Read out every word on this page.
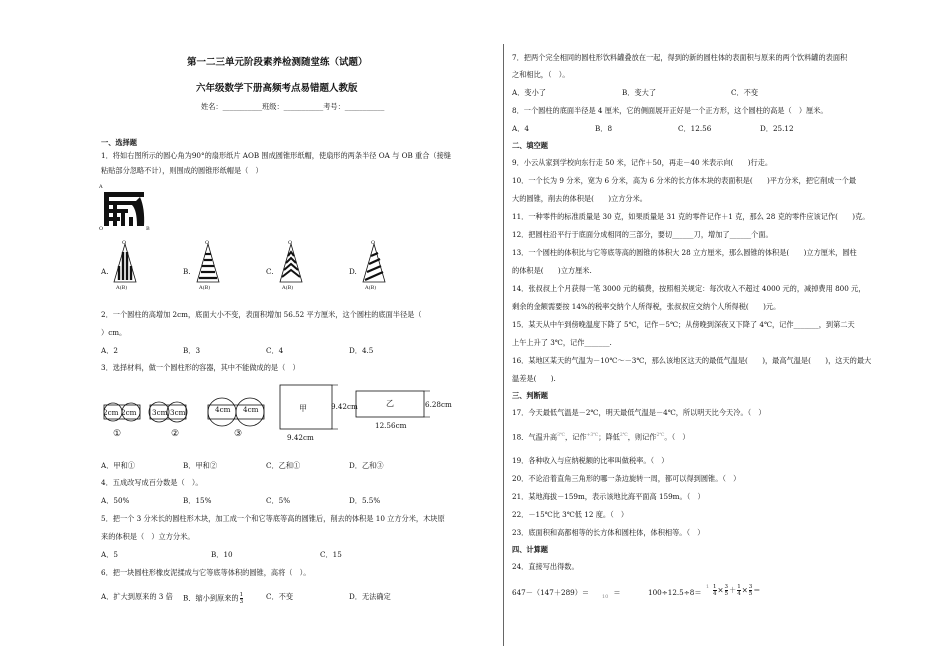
第一二三单元阶段素养检测随堂练（试题）
六年级数学下册高频考点易错题人教版
姓名：___________班级：___________考号：___________
一、选择题
1．将如右图所示的圆心角为90°的扇形纸片 AOB 围成圆锥形纸帽，使扇形的两条半径 OA 与 OB 重合（接缝
粘贴部分忽略不计），则围成的圆锥形纸帽是（　）
A
O	B
A.	B.	C.	D.
O
A(B)
O
A(B)
O
A(B)
O
A(B)
2．一个圆柱的高增加 2cm，底面大小不变，表面积增加 56.52 平方厘米，这个圆柱的底面半径是（
）cm。
A．2	B．3	C．4	D．4.5
3．选择材料，做一个圆柱形的容器，其中不能做成的是（　）
2cm 2cm 3cm 3cm	4cm 4cm
①	②	③
甲	9.42cm
9.42cm
乙	6.28cm
12.56cm
A．甲和①	B．甲和②	C．乙和①	D．乙和③
4．五成改写成百分数是（　）。
A．50%	B．15%	C．5%	D．5.5%
5．把一个 3 分米长的圆柱形木块，加工成一个和它等底等高的圆锥后，削去的体积是 10 立方分米，木块原
来的体积是（　）立方分米。
A．5	B．10	C．15
6．把一块圆柱形橡皮泥揉成与它等底等体积的圆锥，高将（　）。
A．扩大到原来的 3 倍 B．缩小到原来的 $\frac{1}{3}$	C．不变	D．无法确定
7．把两个完全相同的圆柱形饮料罐叠放在一起，得到的新的圆柱体的表面积与原来的两个饮料罐的表面积
之和相比，（　）。
A．变小了	B．变大了	C．不变
8．一个圆柱的底面半径是 4 厘米，它的侧面展开正好是一个正方形，这个圆柱的高是（　）厘米。
A．4	B．8	C．12.56	D．25.12
二、填空题
9．小云从家到学校向东行走 50 米，记作＋50，再走－40 米表示向(　　)行走。
10．一个长为 9 分米，宽为 6 分米，高为 6 分米的长方体木块的表面积是(　　)平方分米，把它削成一个最
大的圆锥，削去的体积是(　　)立方分米。
11．一种零件的标准质量是 30 克，如果质量是 31 克的零件记作＋1 克，那么 28 克的零件应该记作(　　)克。
12．把圆柱沿平行于底面分成相同的三部分，要切______刀，增加了______个面。
13．一个圆柱的体积比与它等底等高的圆锥的体积大 28 立方厘米，那么圆锥的体积是(　　)立方厘米，圆柱
的体积是(　　)立方厘米.
14．张叔叔上个月获得一笔 3000 元的稿费，按照相关规定：每次收入不超过 4000 元的，减掉费用 800 元，
剩余的金额需要按 14%的税率交纳个人所得税，张叔叔应交纳个人所得税(　　)元。
15．某天从中午到傍晚温度下降了 5℃，记作－5℃；从傍晚到深夜又下降了 4℃，记作_______，到第二天
上午上升了 3℃，记作_______.
16．某地区某天的气温为－10℃～－3℃，那么该地区这天的最低气温是(　　)，最高气温是(　　)，这天的最大
温差是(　　).
三、判断题
17．今天最低气温是－2℃，明天最低气温是－4℃，所以明天比今天冷。（　）
18．气温升高$^{3℃}$，记作$^{+3℃}$；降低$^{2℃}$，则记作$^{2℃}$。（　）
19．各种收入与应纳税额的比率叫做税率。（　）
20．不论沿着直角三角形的哪一条边旋转一周，都可以得到圆锥。（　）
21．某地海拔－159m，表示该地比海平面高 159m。（　）
22．－15℃比 3℃低 12 度。（　）
23．底面积和高都相等的长方体和圆柱体，体积相等。（　）
四、计算题
24．直接写出得数。
647－（147＋289）＝	$_{10}$ ＝	$100\div 12.5\div 8= \frac{1}{4} \times \frac{3}{5} + \frac{1}{4} \times \frac{3}{5}$ ＝
1
